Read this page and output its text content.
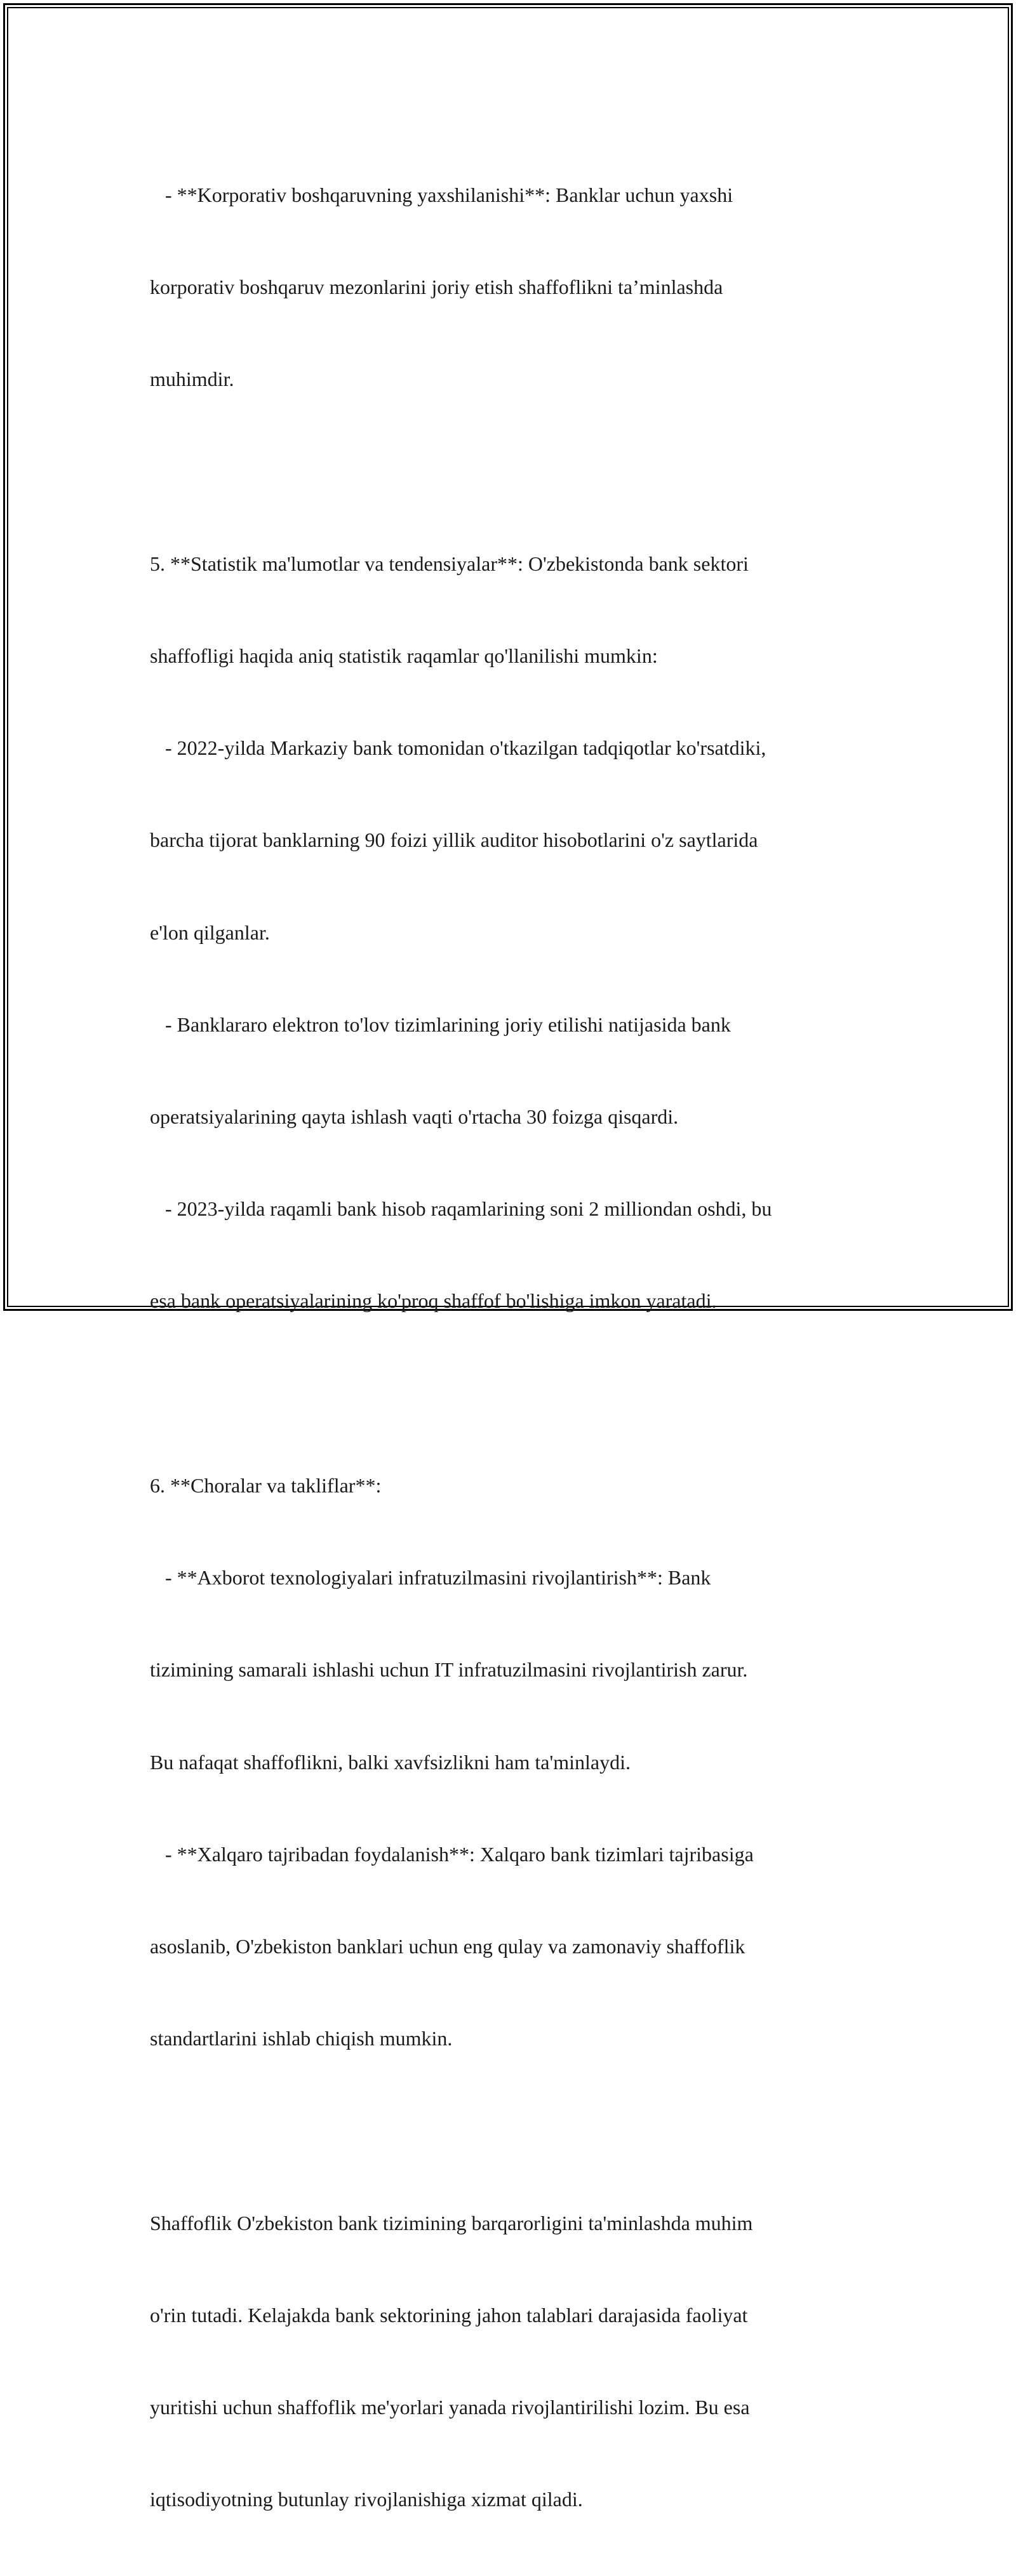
- **Korporativ boshqaruvning yaxshilanishi**: Banklar uchun yaxshi

korporativ boshqaruv mezonlarini joriy etish shaffoflikni ta’minlashda

muhimdir.

5. **Statistik ma'lumotlar va tendensiyalar**: O'zbekistonda bank sektori

shaffofligi haqida aniq statistik raqamlar qo'llanilishi mumkin:

- 2022-yilda Markaziy bank tomonidan o'tkazilgan tadqiqotlar ko'rsatdiki,

barcha tijorat banklarning 90 foizi yillik auditor hisobotlarini o'z saytlarida

e'lon qilganlar.

- Banklararo elektron to'lov tizimlarining joriy etilishi natijasida bank

operatsiyalarining qayta ishlash vaqti o'rtacha 30 foizga qisqardi.

- 2023-yilda raqamli bank hisob raqamlarining soni 2 milliondan oshdi, bu

esa bank operatsiyalarining ko'proq shaffof bo'lishiga imkon yaratadi.

6. **Choralar va takliflar**:

- **Axborot texnologiyalari infratuzilmasini rivojlantirish**: Bank

tizimining samarali ishlashi uchun IT infratuzilmasini rivojlantirish zarur.

Bu nafaqat shaffoflikni, balki xavfsizlikni ham ta'minlaydi.

- **Xalqaro tajribadan foydalanish**: Xalqaro bank tizimlari tajribasiga

asoslanib, O'zbekiston banklari uchun eng qulay va zamonaviy shaffoflik

standartlarini ishlab chiqish mumkin.

Shaffoflik O'zbekiston bank tizimining barqarorligini ta'minlashda muhim

o'rin tutadi. Kelajakda bank sektorining jahon talablari darajasida faoliyat

yuritishi uchun shaffoflik me'yorlari yanada rivojlantirilishi lozim. Bu esa

iqtisodiyotning butunlay rivojlanishiga xizmat qiladi.
